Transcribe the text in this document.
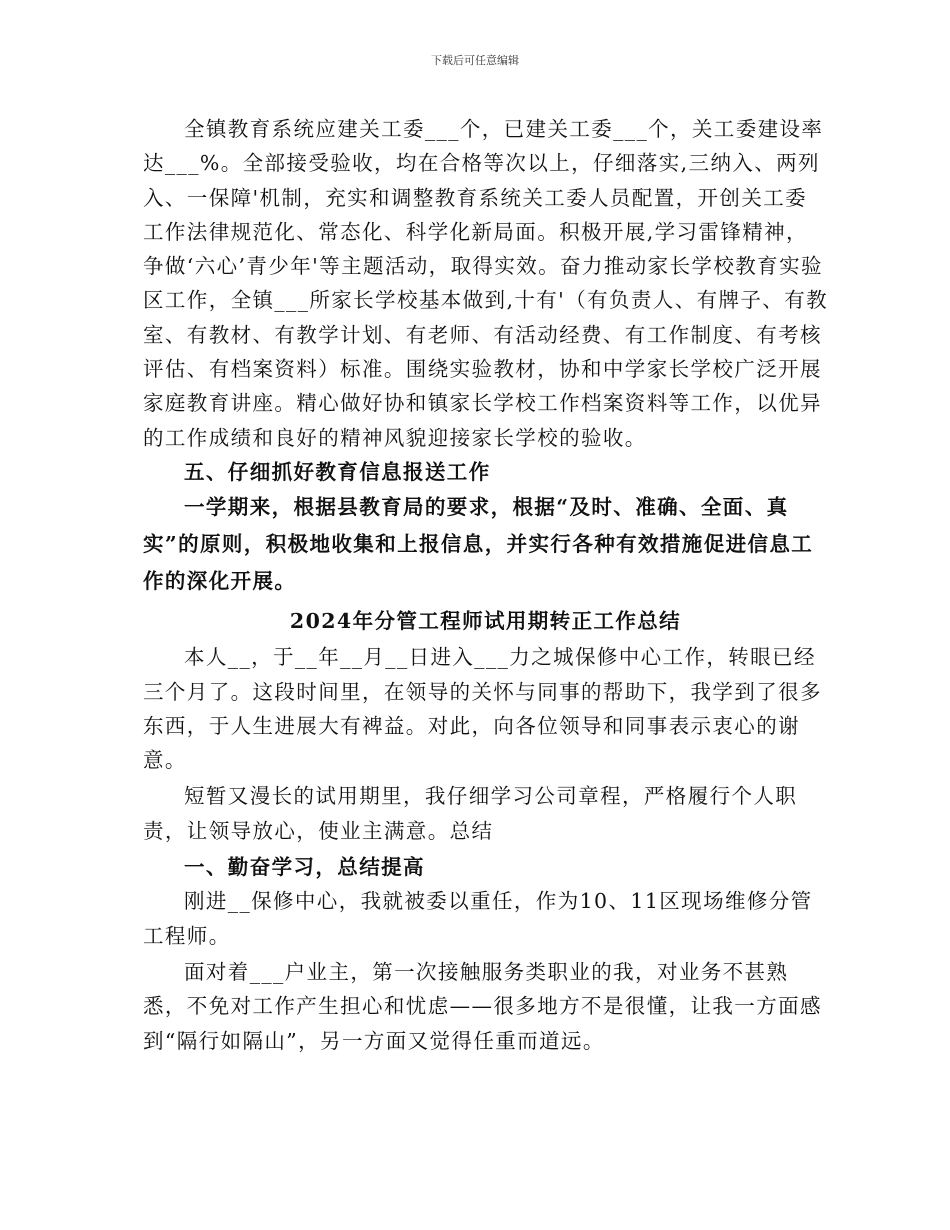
下载后可任意编辑

全镇教育系统应建关工委___个，已建关工委___个，关工委建设率达___%。全部接受验收，均在合格等次以上，仔细落实,三纳入、两列入、一保障'机制，充实和调整教育系统关工委人员配置，开创关工委工作法律规范化、常态化、科学化新局面。积极开展,学习雷锋精神，争做‘六心’青少年'等主题活动，取得实效。奋力推动家长学校教育实验区工作，全镇___所家长学校基本做到,十有'（有负责人、有牌子、有教室、有教材、有教学计划、有老师、有活动经费、有工作制度、有考核评估、有档案资料）标准。围绕实验教材，协和中学家长学校广泛开展家庭教育讲座。精心做好协和镇家长学校工作档案资料等工作，以优异的工作成绩和良好的精神风貌迎接家长学校的验收。

五、仔细抓好教育信息报送工作

一学期来，根据县教育局的要求，根据“及时、准确、全面、真实”的原则，积极地收集和上报信息，并实行各种有效措施促进信息工作的深化开展。

2024年分管工程师试用期转正工作总结

本人__，于__年__月__日进入___力之城保修中心工作，转眼已经三个月了。这段时间里，在领导的关怀与同事的帮助下，我学到了很多东西，于人生进展大有裨益。对此，向各位领导和同事表示衷心的谢意。

短暂又漫长的试用期里，我仔细学习公司章程，严格履行个人职责，让领导放心，使业主满意。总结

一、勤奋学习，总结提高

刚进__保修中心，我就被委以重任，作为10、11区现场维修分管工程师。

面对着___户业主，第一次接触服务类职业的我，对业务不甚熟悉，不免对工作产生担心和忧虑——很多地方不是很懂，让我一方面感到“隔行如隔山”，另一方面又觉得任重而道远。
